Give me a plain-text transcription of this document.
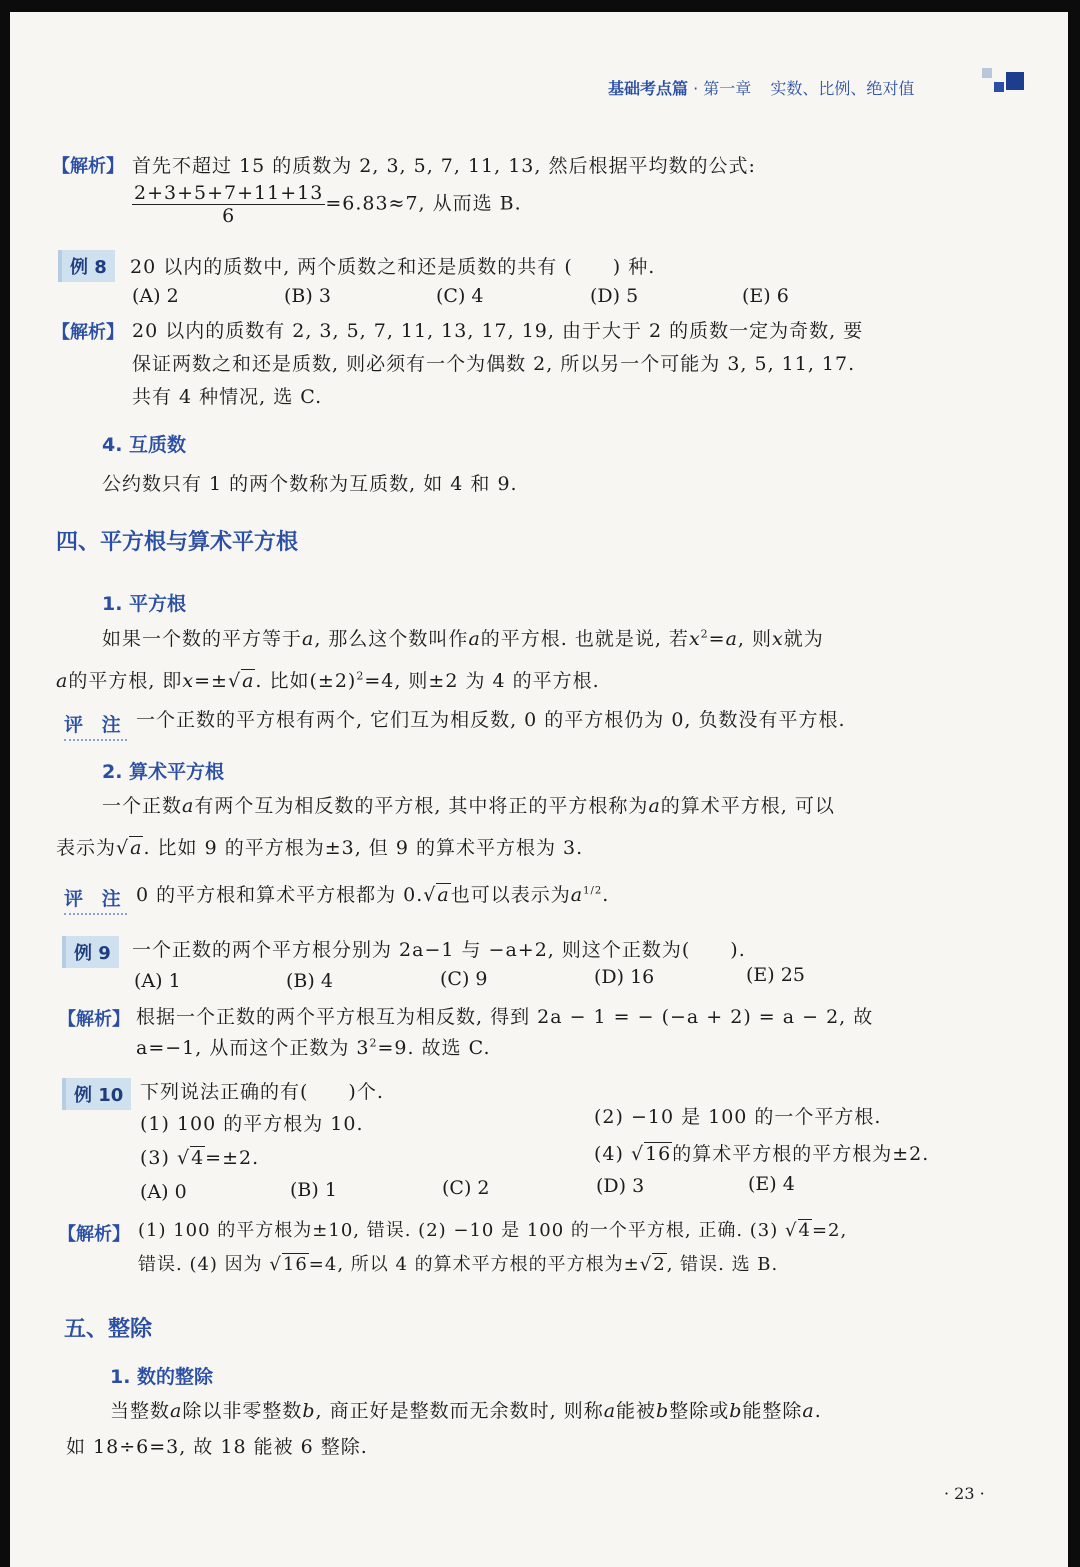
基础考点篇 · 第一章 实数、比例、绝对值
【解析】 首先不超过 15 的质数为 2, 3, 5, 7, 11, 13, 然后根据平均数的公式:
$\frac{2+3+5+7+11+13}{6} =6.83\approx 7$, 从而选 B.
例 8	20 以内的质数中, 两个质数之和还是质数的共有 (　　) 种.
(A) 2	(B) 3	(C) 4	(D) 5	(E) 6
【解析】 20 以内的质数有 2, 3, 5, 7, 11, 13, 17, 19, 由于大于 2 的质数一定为奇数, 要
保证两数之和还是质数, 则必须有一个为偶数 2, 所以另一个可能为 3, 5, 11, 17.
共有 4 种情况, 选 C.
4. 互质数
公约数只有 1 的两个数称为互质数, 如 4 和 9.
四、平方根与算术平方根
1. 平方根
如果一个数的平方等于a, 那么这个数叫作a的平方根. 也就是说, 若$x^2=a$, 则x就为
a的平方根, 即x=±√a. 比如$(\pm 2)^2=4$, 则±2 为 4 的平方根.
评 注 一个正数的平方根有两个, 它们互为相反数, 0 的平方根仍为 0, 负数没有平方根.
2. 算术平方根
一个正数a有两个互为相反数的平方根, 其中将正的平方根称为a的算术平方根, 可以
表示为√a. 比如 9 的平方根为±3, 但 9 的算术平方根为 3.
评 注 0 的平方根和算术平方根都为 0.√a也可以表示为$a^{1/2}$.
例 9	一个正数的两个平方根分别为 2a−1 与 −a+2, 则这个正数为(　　).
(A) 1	(B) 4	(C) 9	(D) 16	(E) 25
【解析】 根据一个正数的两个平方根互为相反数, 得到 2a − 1 = − (−a + 2) = a − 2, 故
a=−1, 从而这个正数为 $3^2=9$. 故选 C.
例 10 下列说法正确的有(　　)个.
(1) 100 的平方根为 10.	(2) −10 是 100 的一个平方根.
(3) √4=±2.	(4) √16的算术平方根的平方根为±2.
(A) 0	(B) 1	(C) 2	(D) 3	(E) 4
【解析】 (1) 100 的平方根为±10, 错误. (2) −10 是 100 的一个平方根, 正确. (3) √4=2,
错误. (4) 因为 √16=4, 所以 4 的算术平方根的平方根为±√2, 错误. 选 B.
五、整除
1. 数的整除
当整数a除以非零整数b, 商正好是整数而无余数时, 则称a能被b整除或b能整除a.
如 18÷6=3, 故 18 能被 6 整除.
· 23 ·
